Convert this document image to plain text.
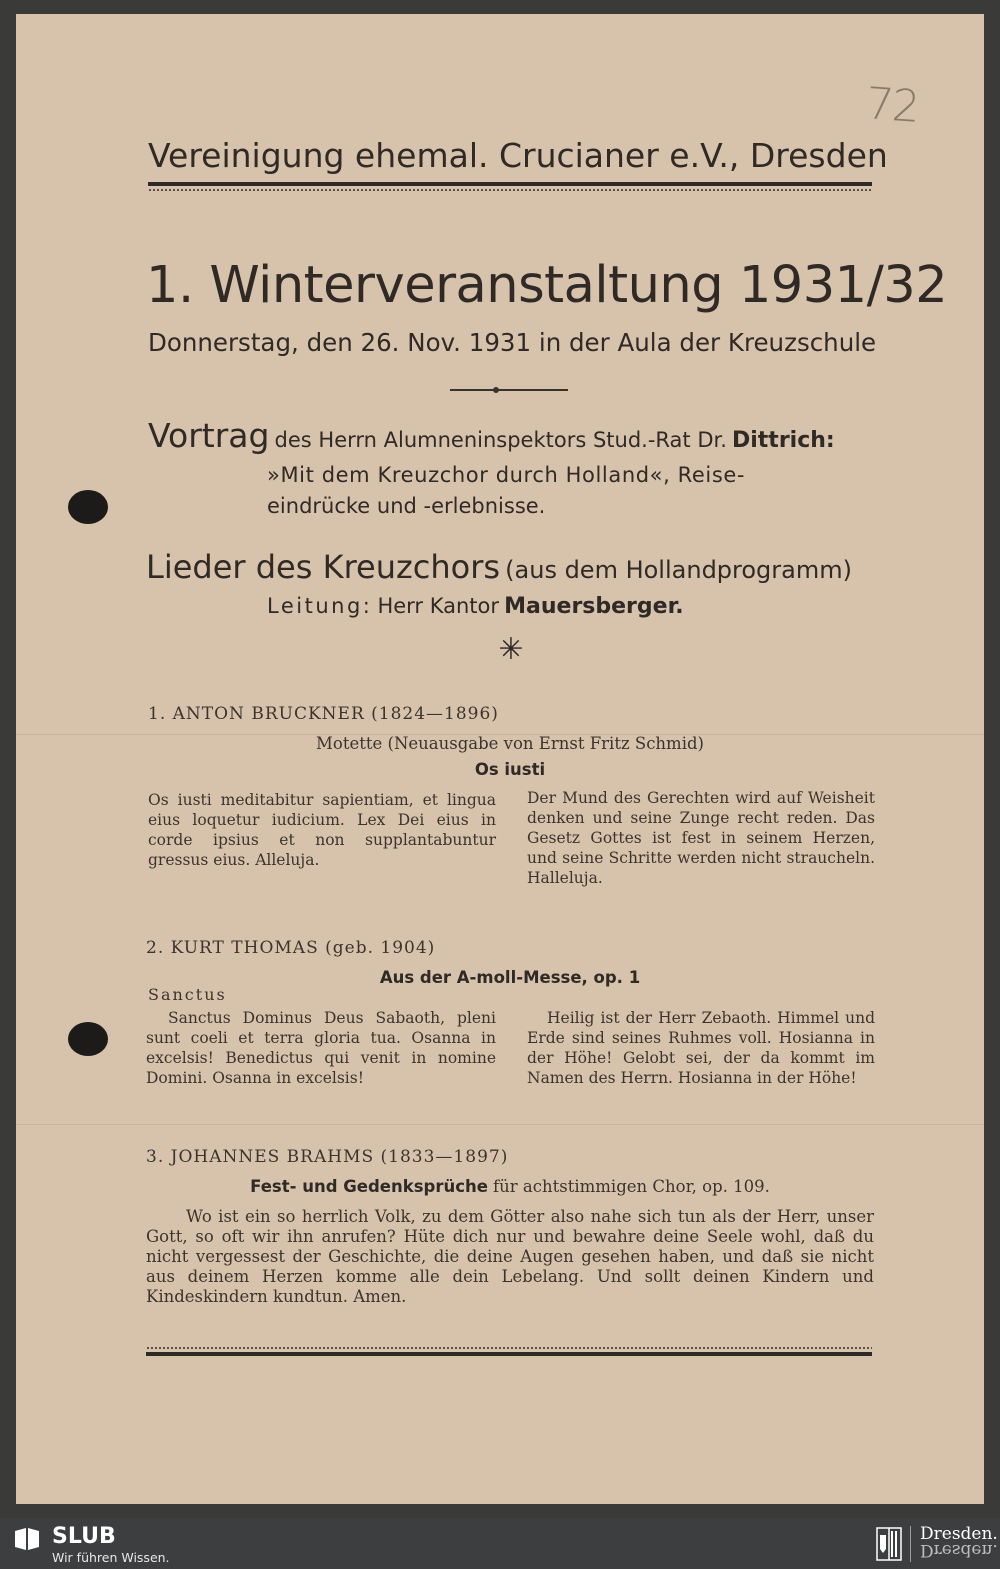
72
Vereinigung ehemal. Crucianer e.V., Dresden
1. Winterveranstaltung 1931/32
Donnerstag, den 26. Nov. 1931 in der Aula der Kreuzschule
Vortrag des Herrn Alumneninspektors Stud.-Rat Dr. Dittrich:
»Mit dem Kreuzchor durch Holland«, Reise-
eindrücke und -erlebnisse.
Lieder des Kreuzchors (aus dem Hollandprogramm)
Leitung: Herr Kantor Mauersberger.
✳
1. ANTON BRUCKNER (1824—1896)
Motette (Neuausgabe von Ernst Fritz Schmid)
Os iusti
Os iusti meditabitur sapientiam, et lingua eius loquetur iudicium. Lex Dei eius in corde ipsius et non supplantabuntur gressus eius. Alleluja.
Der Mund des Gerechten wird auf Weisheit denken und seine Zunge recht reden. Das Gesetz Gottes ist fest in seinem Herzen, und seine Schritte werden nicht straucheln. Halleluja.
2. KURT THOMAS (geb. 1904)
Aus der A-moll-Messe, op. 1
Sanctus
Sanctus Dominus Deus Sabaoth, pleni sunt coeli et terra gloria tua. Osanna in excelsis! Benedictus qui venit in nomine Domini. Osanna in excelsis!
Heilig ist der Herr Zebaoth. Himmel und Erde sind seines Ruhmes voll. Hosianna in der Höhe! Gelobt sei, der da kommt im Namen des Herrn. Hosianna in der Höhe!
3. JOHANNES BRAHMS (1833—1897)
Fest- und Gedenksprüche für achtstimmigen Chor, op. 109.
Wo ist ein so herrlich Volk, zu dem Götter also nahe sich tun als der Herr, unser Gott, so oft wir ihn anrufen? Hüte dich nur und bewahre deine Seele wohl, daß du nicht vergessest der Geschichte, die deine Augen gesehen haben, und daß sie nicht aus deinem Herzen komme alle dein Lebelang. Und sollt deinen Kindern und Kindeskindern kundtun. Amen.
SLUB
Wir führen Wissen.
Dresden.
Dresden.
